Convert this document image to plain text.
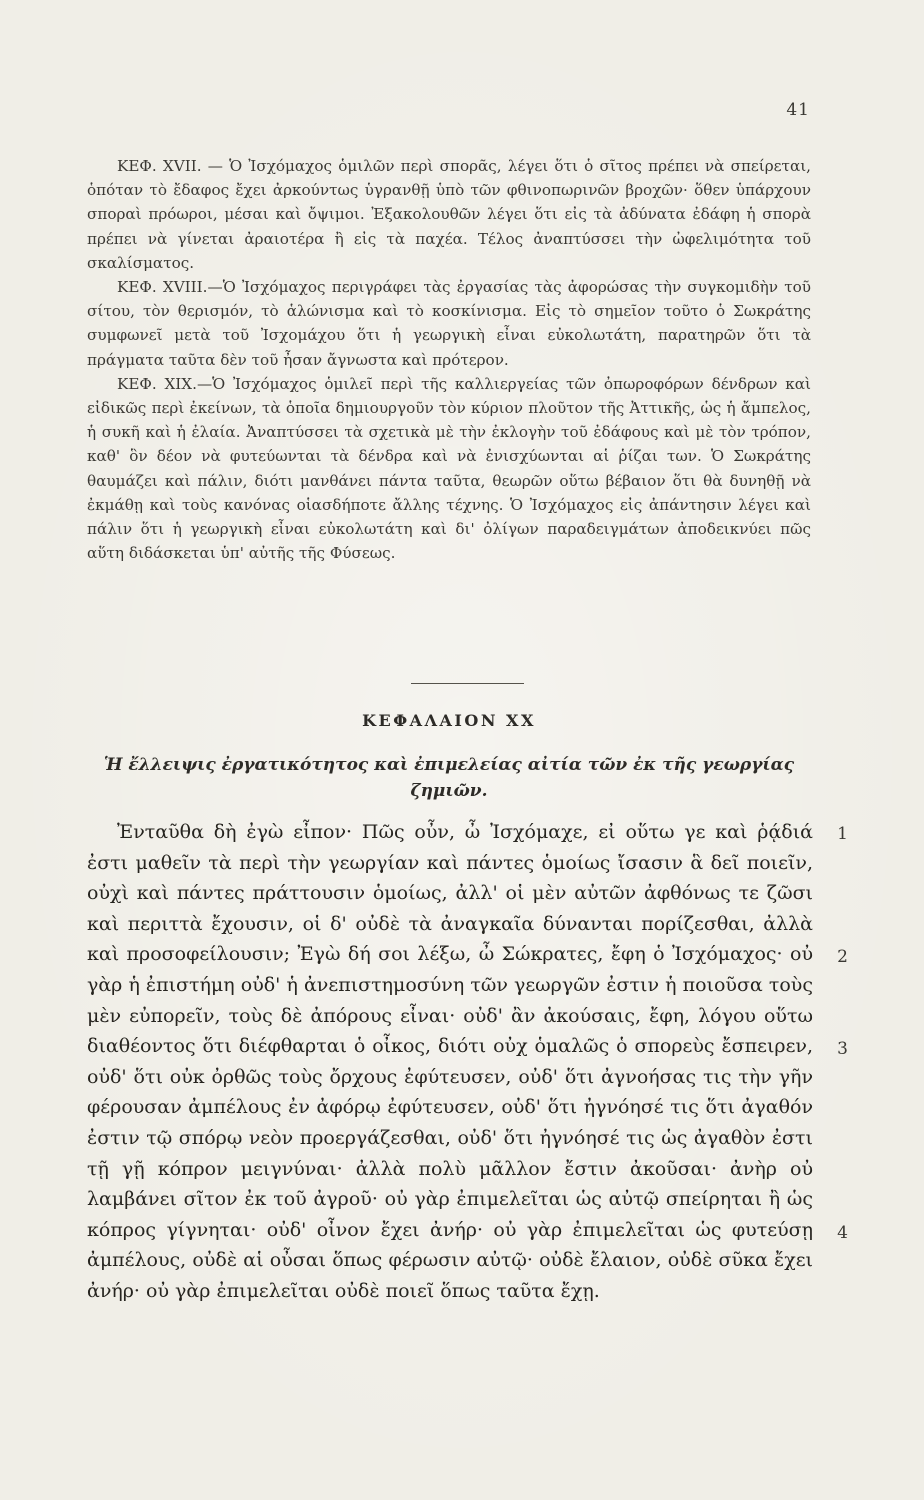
41

ΚΕΦ. XVII. — Ὁ Ἰσχόμαχος ὁμιλῶν περὶ σπορᾶς, λέγει ὅτι ὁ σῖτος πρέπει νὰ σπείρεται, ὁπόταν τὸ ἔδαφος ἔχει ἀρκούντως ὑγρανθῇ ὑπὸ τῶν φθινοπωρινῶν βροχῶν· ὅθεν ὑπάρχουν σποραὶ πρόωροι, μέσαι καὶ ὄψιμοι. Ἐξακολουθῶν λέγει ὅτι εἰς τὰ ἀδύνατα ἐδάφη ἡ σπορὰ πρέπει νὰ γίνεται ἀραιοτέρα ἢ εἰς τὰ παχέα. Τέλος ἀναπτύσσει τὴν ὠφελιμότητα τοῦ σκαλίσματος.

ΚΕΦ. XVIII.—Ὁ Ἰσχόμαχος περιγράφει τὰς ἐργασίας τὰς ἀφορώσας τὴν συγκομιδὴν τοῦ σίτου, τὸν θερισμόν, τὸ ἁλώνισμα καὶ τὸ κοσκίνισμα. Εἰς τὸ σημεῖον τοῦτο ὁ Σωκράτης συμφωνεῖ μετὰ τοῦ Ἰσχομάχου ὅτι ἡ γεωργικὴ εἶναι εὐκολωτάτη, παρατηρῶν ὅτι τὰ πράγματα ταῦτα δὲν τοῦ ἦσαν ἄγνωστα καὶ πρότερον.

ΚΕΦ. XIX.—Ὁ Ἰσχόμαχος ὁμιλεῖ περὶ τῆς καλλιεργείας τῶν ὀπωροφόρων δένδρων καὶ εἰδικῶς περὶ ἐκείνων, τὰ ὁποῖα δημιουργοῦν τὸν κύριον πλοῦτον τῆς Ἀττικῆς, ὡς ἡ ἄμπελος, ἡ συκῆ καὶ ἡ ἐλαία. Ἀναπτύσσει τὰ σχετικὰ μὲ τὴν ἐκλογὴν τοῦ ἐδάφους καὶ μὲ τὸν τρόπον, καθ' ὃν δέον νὰ φυτεύωνται τὰ δένδρα καὶ νὰ ἐνισχύωνται αἱ ῥίζαι των. Ὁ Σωκράτης θαυμάζει καὶ πάλιν, διότι μανθάνει πάντα ταῦτα, θεωρῶν οὕτω βέβαιον ὅτι θὰ δυνηθῇ νὰ ἐκμάθῃ καὶ τοὺς κανόνας οἱασδήποτε ἄλλης τέχνης. Ὁ Ἰσχόμαχος εἰς ἀπάντησιν λέγει καὶ πάλιν ὅτι ἡ γεωργικὴ εἶναι εὐκολωτάτη καὶ δι' ὀλίγων παραδειγμάτων ἀποδεικνύει πῶς αὕτη διδάσκεται ὑπ' αὐτῆς τῆς Φύσεως.

ΚΕΦΑΛΑΙΟΝ XX
Ἡ ἔλλειψις ἐργατικότητος καὶ ἐπιμελείας αἰτία τῶν ἐκ τῆς γεωργίας ζημιῶν.

Ἐνταῦθα δὴ ἐγὼ εἶπον· Πῶς οὖν, ὦ Ἰσχόμαχε, εἰ οὕτω γε καὶ ῥᾴδιά ἐστι μαθεῖν τὰ περὶ τὴν γεωργίαν καὶ πάντες ὁμοίως ἴσασιν ἃ δεῖ ποιεῖν, οὐχὶ καὶ πάντες πράττουσιν ὁμοίως, ἀλλ' οἱ μὲν αὐτῶν ἀφθόνως τε ζῶσι καὶ περιττὰ ἔχουσιν, οἱ δ' οὐδὲ τὰ ἀναγκαῖα δύνανται πορίζεσθαι, ἀλλὰ καὶ προσοφείλουσιν; Ἐγὼ δή σοι λέξω, ὦ Σώκρατες, ἔφη ὁ Ἰσχόμαχος· οὐ γὰρ ἡ ἐπιστήμη οὐδ' ἡ ἀνεπιστημοσύνη τῶν γεωργῶν ἐστιν ἡ ποιοῦσα τοὺς μὲν εὐπορεῖν, τοὺς δὲ ἀπόρους εἶναι· οὐδ' ἂν ἀκούσαις, ἔφη, λόγου οὕτω διαθέοντος ὅτι διέφθαρται ὁ οἶκος, διότι οὐχ ὁμαλῶς ὁ σπορεὺς ἔσπειρεν, οὐδ' ὅτι οὐκ ὀρθῶς τοὺς ὄρχους ἐφύτευσεν, οὐδ' ὅτι ἀγνοήσας τις τὴν γῆν φέρουσαν ἀμπέλους ἐν ἀφόρῳ ἐφύτευσεν, οὐδ' ὅτι ἠγνόησέ τις ὅτι ἀγαθόν ἐστιν τῷ σπόρῳ νεὸν προεργάζεσθαι, οὐδ' ὅτι ἠγνόησέ τις ὡς ἀγαθὸν ἐστι τῇ γῇ κόπρον μειγνύναι· ἀλλὰ πολὺ μᾶλλον ἔστιν ἀκοῦσαι· ἀνὴρ οὐ λαμβάνει σῖτον ἐκ τοῦ ἀγροῦ· οὐ γὰρ ἐπιμελεῖται ὡς αὐτῷ σπείρηται ἢ ὡς κόπρος γίγνηται· οὐδ' οἶνον ἔχει ἀνήρ· οὐ γὰρ ἐπιμελεῖται ὡς φυτεύσῃ ἀμπέλους, οὐδὲ αἱ οὖσαι ὅπως φέρωσιν αὐτῷ· οὐδὲ ἔλαιον, οὐδὲ σῦκα ἔχει ἀνήρ· οὐ γὰρ ἐπιμελεῖται οὐδὲ ποιεῖ ὅπως ταῦτα ἔχῃ.

1
2
3
4
